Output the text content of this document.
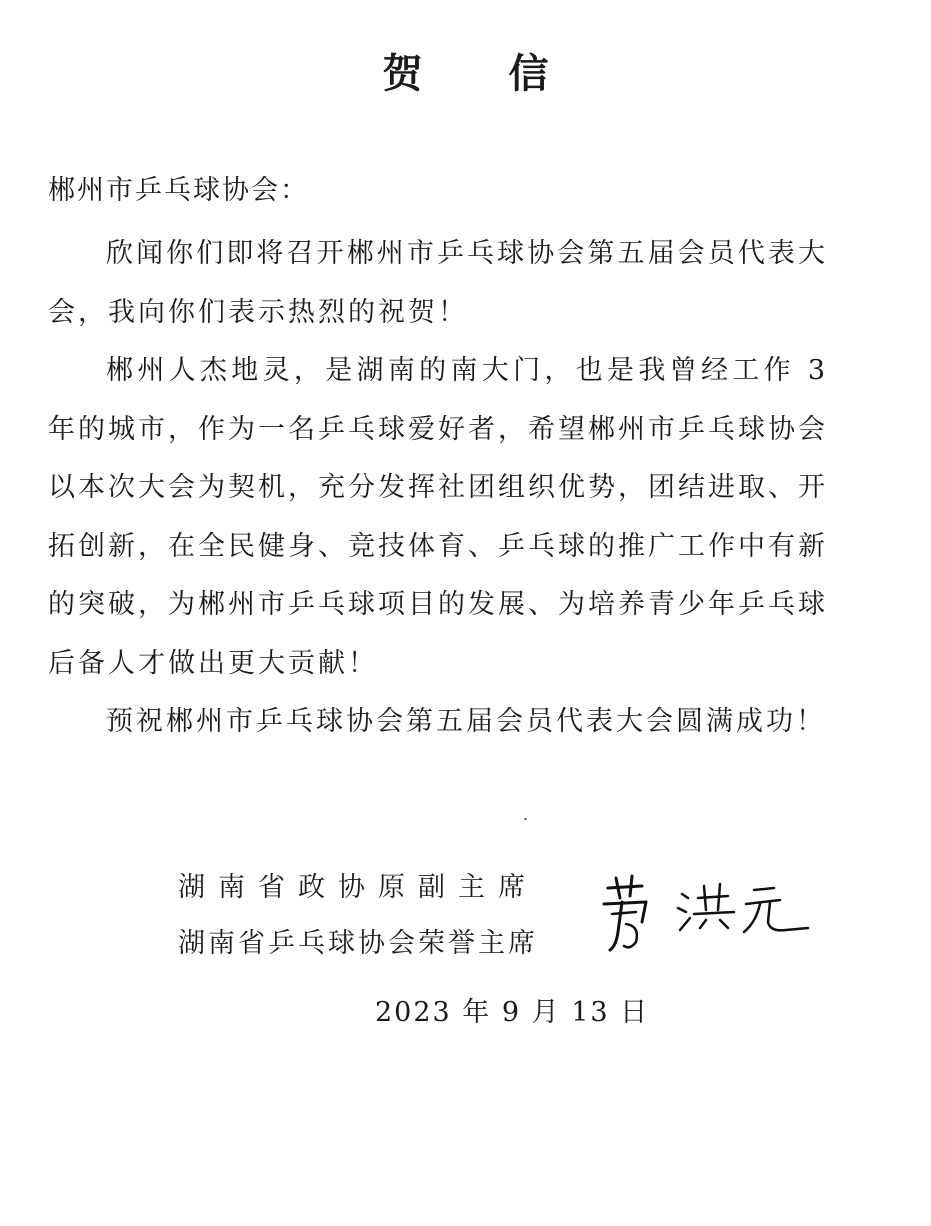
贺 信

郴州市乒乓球协会：

欣闻你们即将召开郴州市乒乓球协会第五届会员代表大会，我向你们表示热烈的祝贺！

郴州人杰地灵，是湖南的南大门，也是我曾经工作 3 年的城市，作为一名乒乓球爱好者，希望郴州市乒乓球协会以本次大会为契机，充分发挥社团组织优势，团结进取、开拓创新，在全民健身、竞技体育、乒乓球的推广工作中有新的突破，为郴州市乒乓球项目的发展、为培养青少年乒乓球后备人才做出更大贡献！

预祝郴州市乒乓球协会第五届会员代表大会圆满成功！

湖南省政协原副主席

湖南省乒乓球协会荣誉主席

2023 年 9 月 13 日
